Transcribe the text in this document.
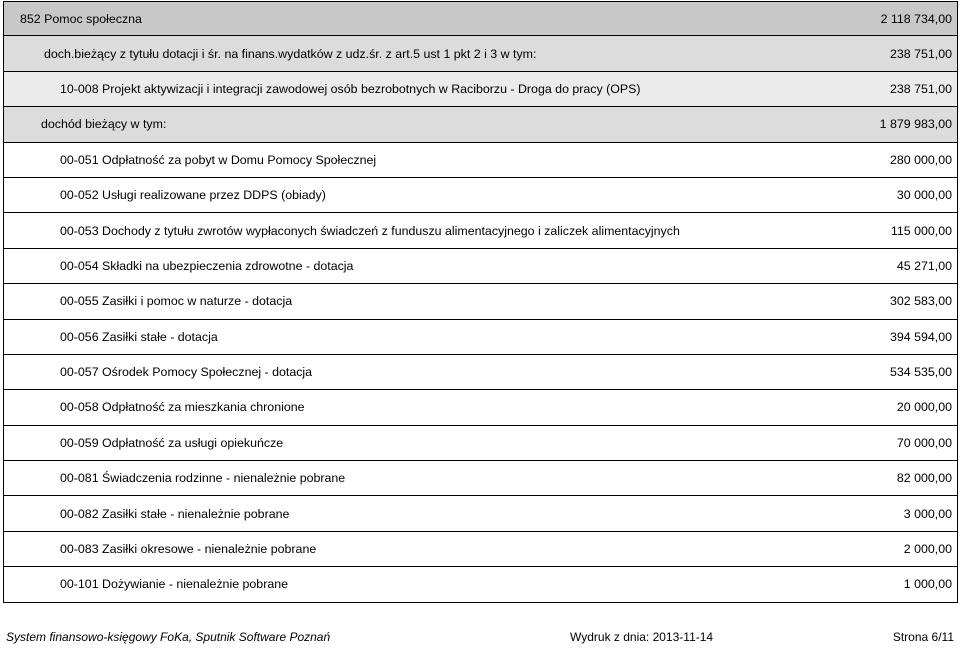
852 Pomoc społeczna	2 118 734,00
doch.bieżący z tytułu dotacji i śr. na finans.wydatków z udz.śr. z art.5 ust 1 pkt 2 i 3 w tym:	238 751,00
10-008 Projekt aktywizacji i integracji zawodowej osób bezrobotnych w Raciborzu - Droga do pracy (OPS)	238 751,00
dochód bieżący w tym:	1 879 983,00
00-051 Odpłatność za pobyt w Domu Pomocy Społecznej	280 000,00
00-052 Usługi realizowane przez DDPS (obiady)	30 000,00
00-053 Dochody z tytułu zwrotów wypłaconych świadczeń z funduszu alimentacyjnego i zaliczek alimentacyjnych	115 000,00
00-054 Składki na ubezpieczenia zdrowotne - dotacja	45 271,00
00-055 Zasiłki i pomoc w naturze - dotacja	302 583,00
00-056 Zasiłki stałe - dotacja	394 594,00
00-057 Ośrodek Pomocy Społecznej - dotacja	534 535,00
00-058 Odpłatność za mieszkania chronione	20 000,00
00-059 Odpłatność za usługi opiekuńcze	70 000,00
00-081 Świadczenia rodzinne - nienależnie pobrane	82 000,00
00-082 Zasiłki stałe - nienależnie pobrane	3 000,00
00-083 Zasiłki okresowe - nienależnie pobrane	2 000,00
00-101 Dożywianie - nienależnie pobrane	1 000,00
System finansowo-księgowy FoKa, Sputnik Software Poznań	Wydruk z dnia: 2013-11-14	Strona 6/11
